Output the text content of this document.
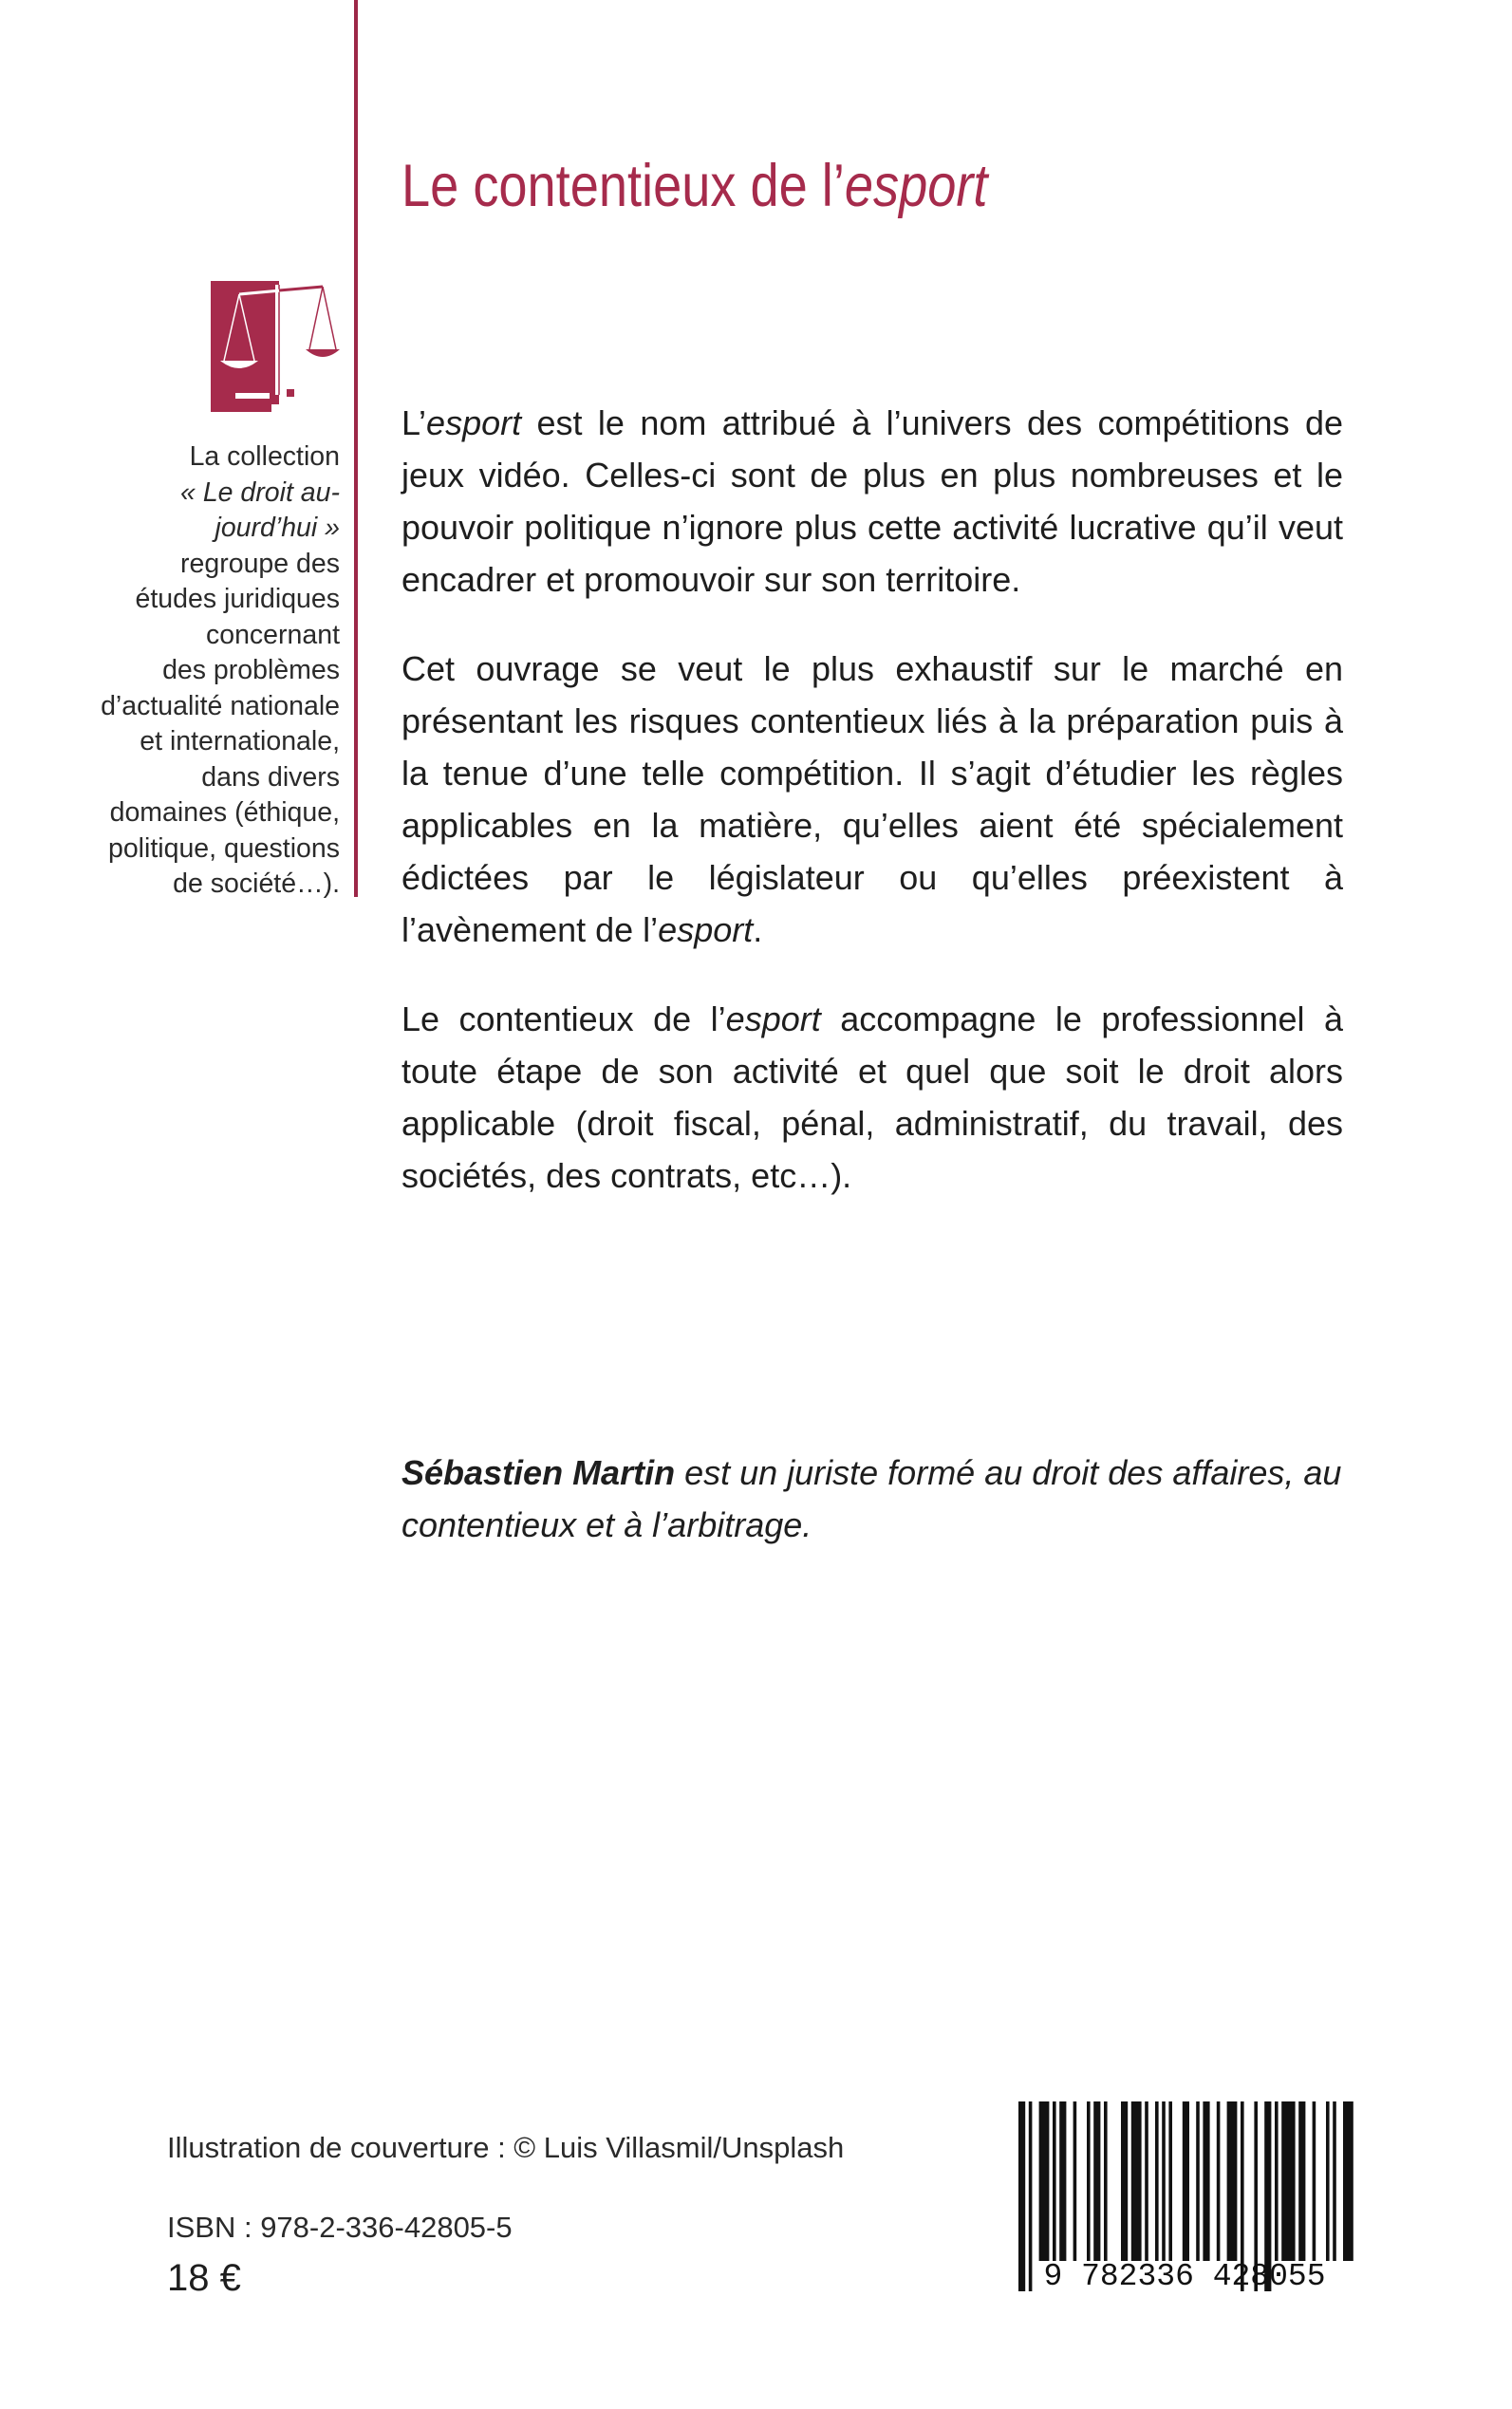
Le contentieux de l’esport
La collection
« Le droit au-
jourd’hui »
regroupe des
études juridiques
concernant
des problèmes
d’actualité nationale
et internationale,
dans divers
domaines (éthique,
politique, questions
de société…).

L’esport est le nom attribué à l’univers des compétitions de jeux vidéo. Celles-ci sont de plus en plus nombreuses et le pouvoir politique n’ignore plus cette activité lucrative qu’il veut encadrer et promouvoir sur son territoire.

Cet ouvrage se veut le plus exhaustif sur le marché en présentant les risques contentieux liés à la préparation puis à la tenue d’une telle compétition. Il s’agit d’étudier les règles applicables en la matière, qu’elles aient été spécialement édictées par le législateur ou qu’elles préexistent à l’avènement de l’esport.

Le contentieux de l’esport accompagne le professionnel à toute étape de son activité et quel que soit le droit alors applicable (droit fiscal, pénal, administratif, du travail, des sociétés, des contrats, etc…).

Sébastien Martin est un juriste formé au droit des affaires, au contentieux et à l’arbitrage.
Illustration de couverture : © Luis Villasmil/Unsplash
ISBN : 978-2-336-42805-5
18 €	9 782336 428055
